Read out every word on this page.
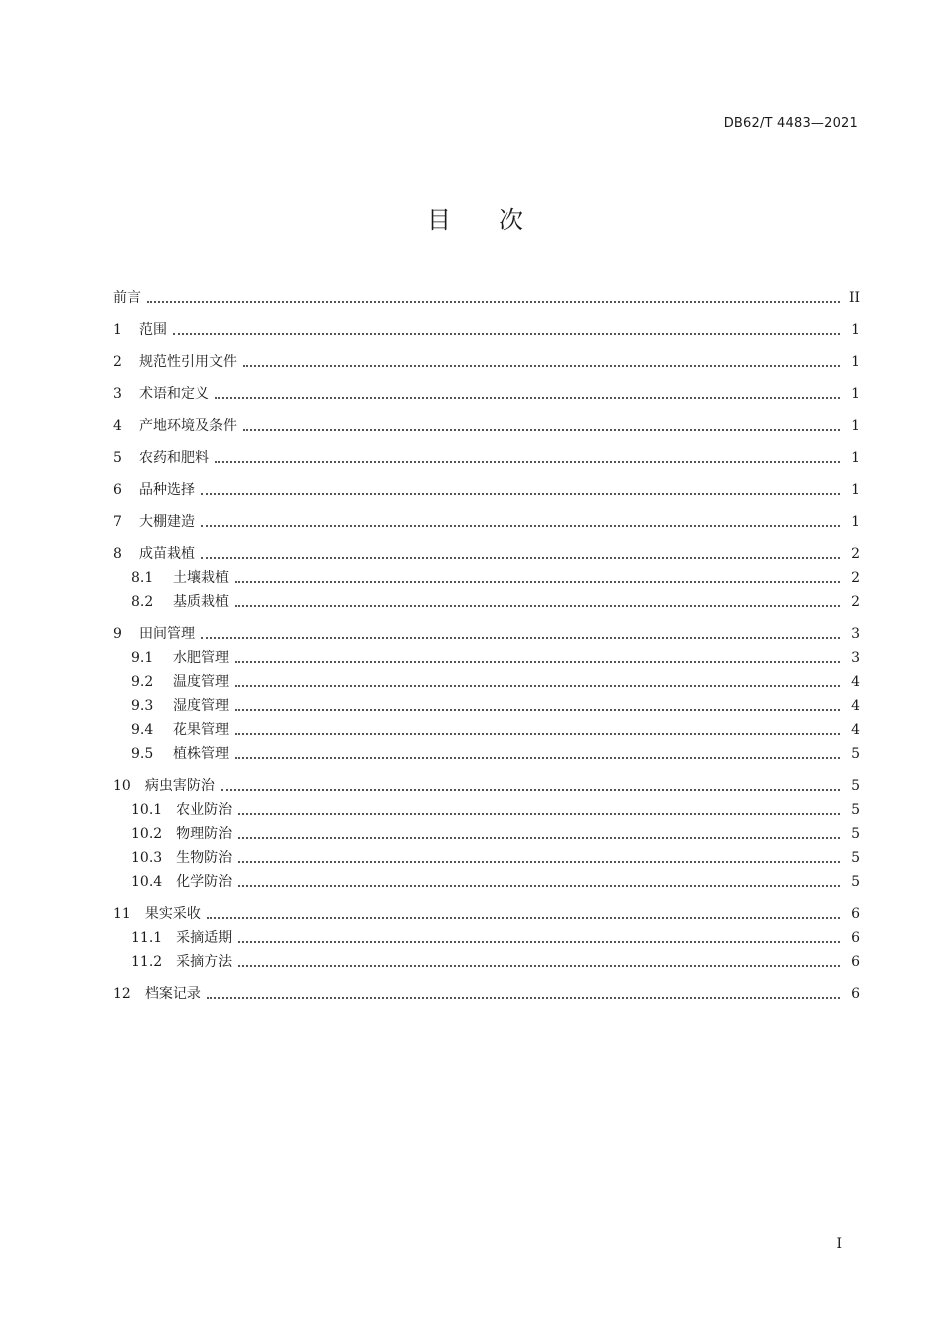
DB62/T 4483—2021
目次
前言	II
1 范围	1
2 规范性引用文件	1
3 术语和定义	1
4 产地环境及条件	1
5 农药和肥料	1
6 品种选择	1
7 大棚建造	1
8 成苗栽植	2
8.1 土壤栽植	2
8.2 基质栽植	2
9 田间管理	3
9.1 水肥管理	3
9.2 温度管理	4
9.3 湿度管理	4
9.4 花果管理	4
9.5 植株管理	5
10 病虫害防治	5
10.1 农业防治	5
10.2 物理防治	5
10.3 生物防治	5
10.4 化学防治	5
11 果实采收	6
11.1 采摘适期	6
11.2 采摘方法	6
12 档案记录	6
I
